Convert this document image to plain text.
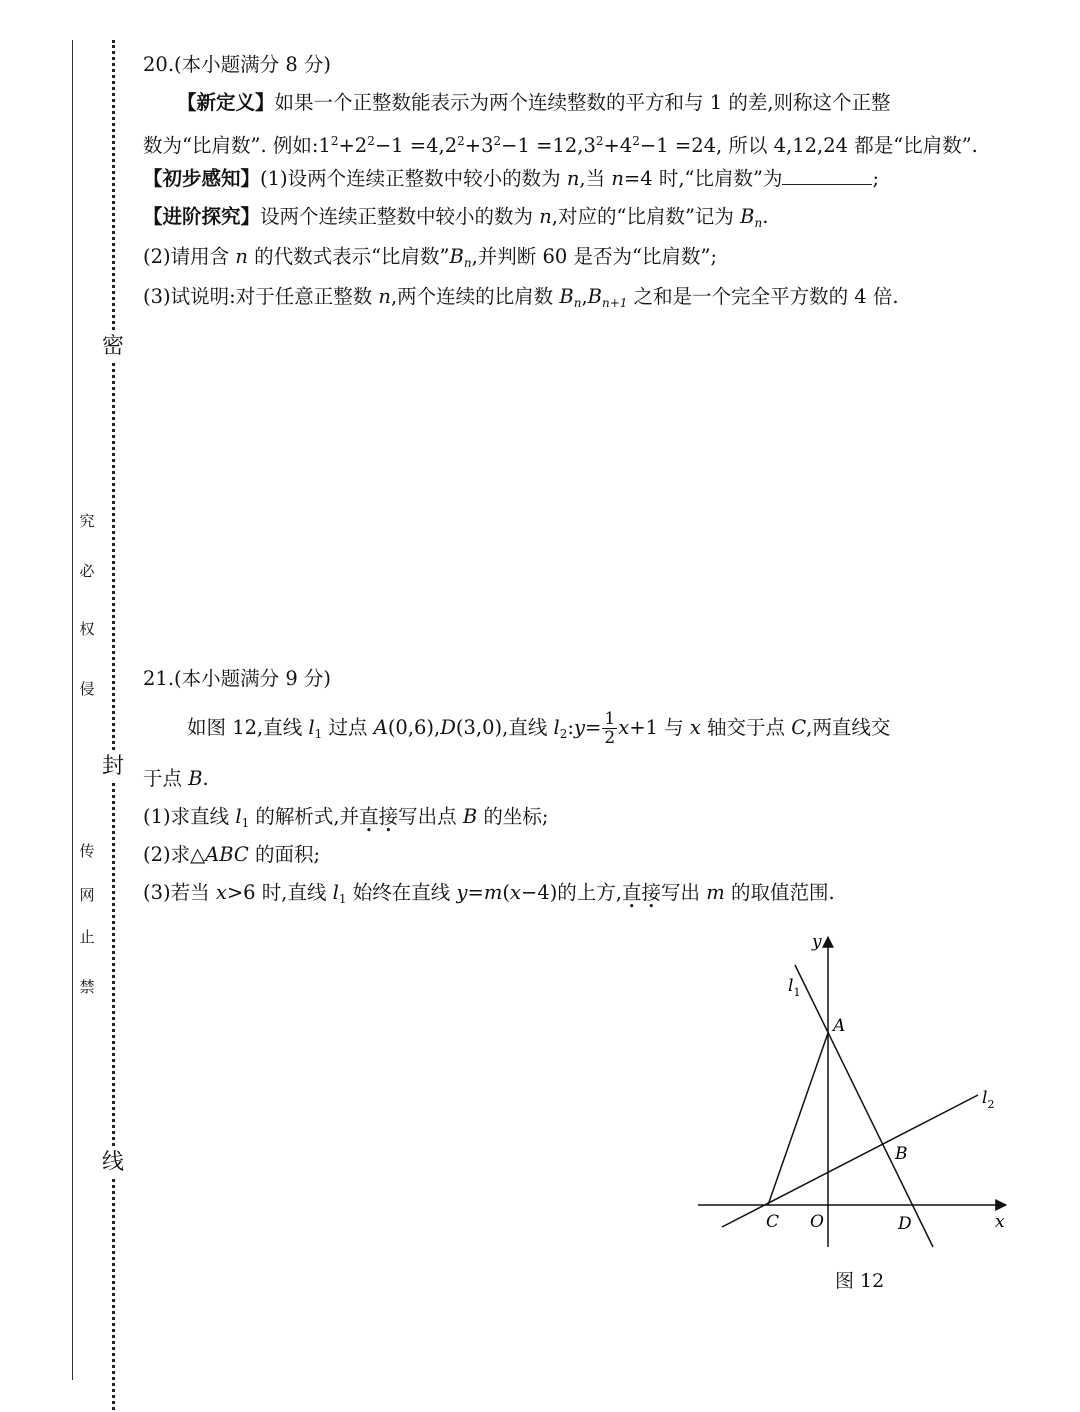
密
封
线
禁
止
网
传
侵
权
必
究
20.(本小题满分 8 分)
【新定义】如果一个正整数能表示为两个连续整数的平方和与 1 的差,则称这个正整
数为“比肩数”. 例如$:1^2+2^2-1 =4,2^2+3^2-1 =12,3^2+4^2-1 =24$, 所以 4,12,24 都是“比肩数”.
【初步感知】(1)设两个连续正整数中较小的数为 n,当 n=4 时,“比肩数”为	;
【进阶探究】设两个连续正整数中较小的数为 n,对应的“比肩数”记为 $B_n$.
(2)请用含 n 的代数式表示“比肩数$”B_n$,并判断 60 是否为“比肩数”;
(3)试说明:对于任意正整数 n,两个连续的比肩数 $B_n,B_{n+1}$ 之和是一个完全平方数的 4 倍.
21.(本小题满分 9 分)
如图 12,直线 $l_1$ 过点 A(0,6),D(3,0),直线 $l_2:y= \frac{1}{2} x+1$ 与 x 轴交于点 C,两直线交
于点 B.
(1)求直线 $l_1$ 的解析式,并直接写出点 B 的坐标;
(2)求△ABC 的面积;
(3)若当 x>6 时,直线 $l_1$ 始终在直线 y=m(x−4)的上方,直接写出 m 的取值范围.
y
x
O
A
B
C	D
$l_1$
$l_2$
图 12
